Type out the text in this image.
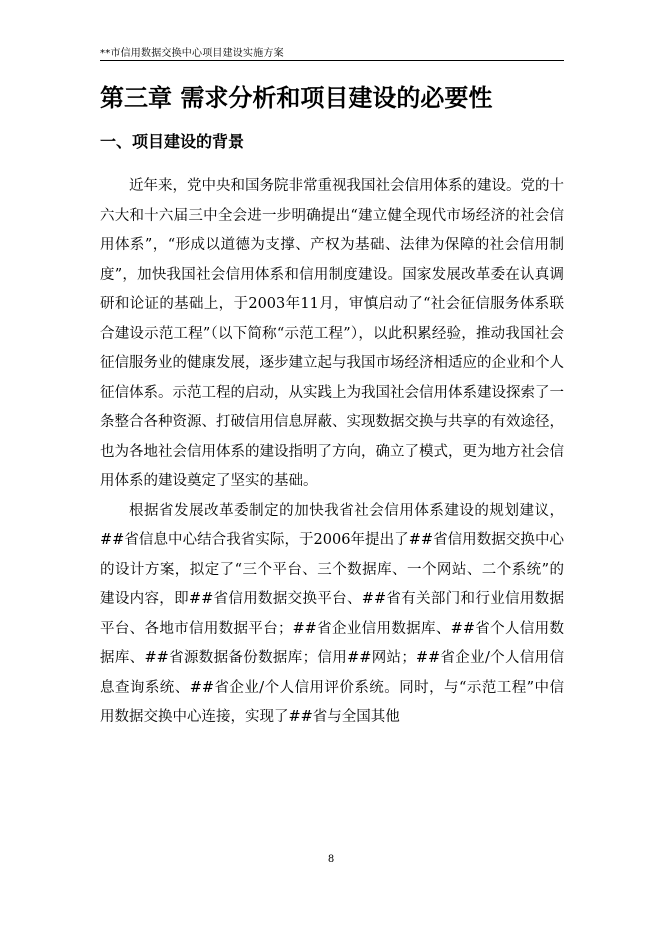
**市信用数据交换中心项目建设实施方案
第三章 需求分析和项目建设的必要性
一、项目建设的背景

近年来，党中央和国务院非常重视我国社会信用体系的建设。党的十六大和十六届三中全会进一步明确提出“建立健全现代市场经济的社会信用体系”，“形成以道德为支撑、产权为基础、法律为保障的社会信用制度”，加快我国社会信用体系和信用制度建设。国家发展改革委在认真调研和论证的基础上，于2003年11月，审慎启动了“社会征信服务体系联合建设示范工程”（以下简称“示范工程”），以此积累经验，推动我国社会征信服务业的健康发展，逐步建立起与我国市场经济相适应的企业和个人征信体系。示范工程的启动，从实践上为我国社会信用体系建设探索了一条整合各种资源、打破信用信息屏蔽、实现数据交换与共享的有效途径，也为各地社会信用体系的建设指明了方向，确立了模式，更为地方社会信用体系的建设奠定了坚实的基础。

根据省发展改革委制定的加快我省社会信用体系建设的规划建议，##省信息中心结合我省实际，于2006年提出了##省信用数据交换中心的设计方案，拟定了“三个平台、三个数据库、一个网站、二个系统”的建设内容，即##省信用数据交换平台、##省有关部门和行业信用数据平台、各地市信用数据平台；##省企业信用数据库、##省个人信用数据库、##省源数据备份数据库；信用##网站；##省企业/个人信用信息查询系统、##省企业/个人信用评价系统。同时，与“示范工程”中信用数据交换中心连接，实现了##省与全国其他

8
